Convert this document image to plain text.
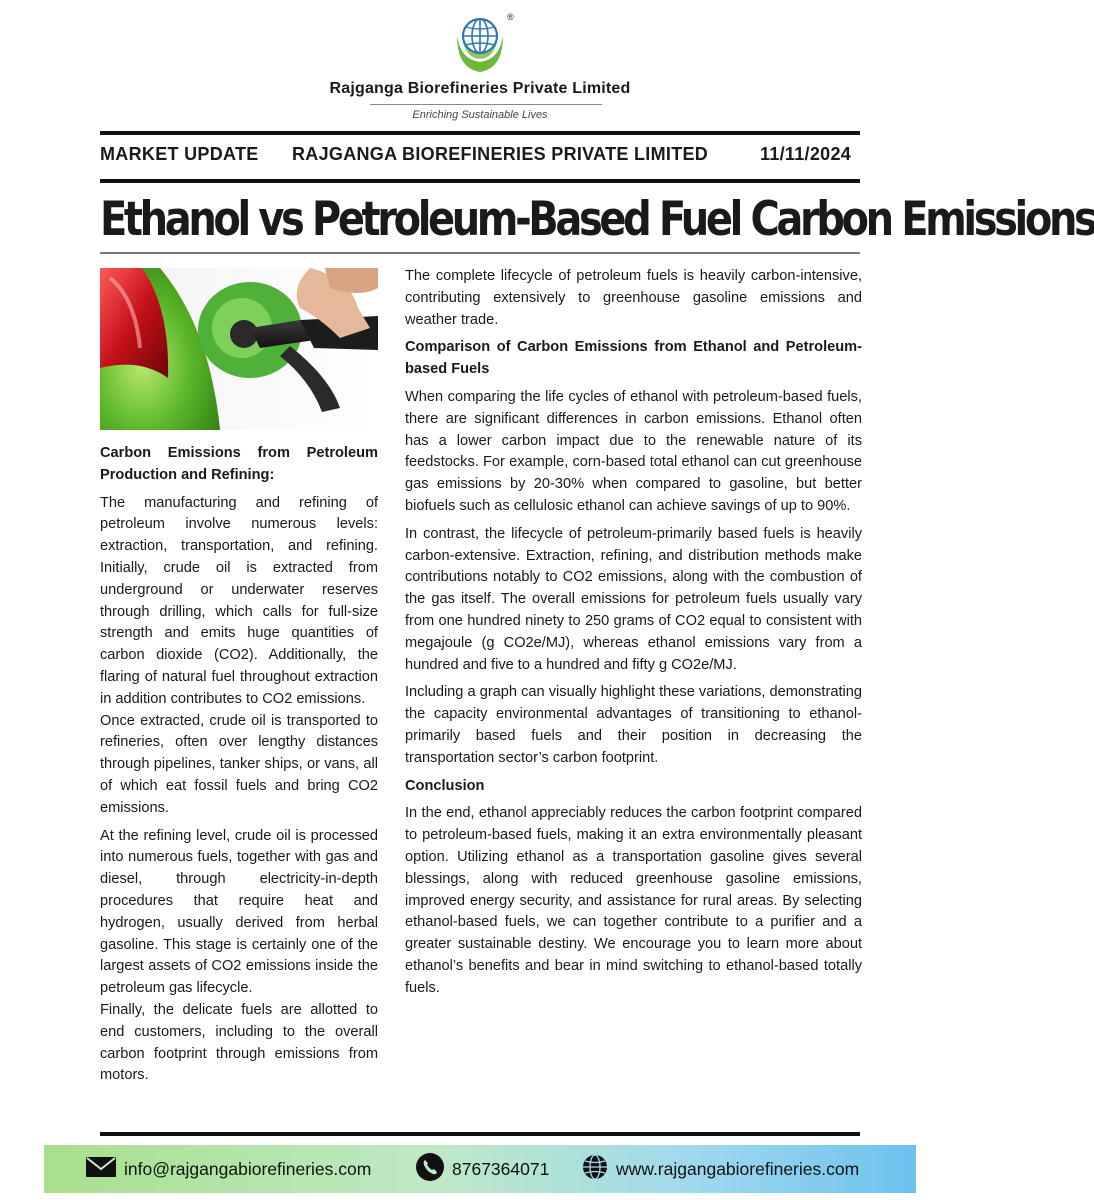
®
Rajganga Biorefineries Private Limited
Enriching Sustainable Lives
MARKET UPDATE RAJGANGA BIOREFINERIES PRIVATE LIMITED	11/11/2024
Ethanol vs Petroleum-Based Fuel Carbon Emissions
Carbon Emissions from Petroleum Production and Refining:

The manufacturing and refining of petroleum involve numerous levels: extraction, transportation, and refining. Initially, crude oil is extracted from underground or underwater reserves through drilling, which calls for full-size strength and emits huge quantities of carbon dioxide (CO2). Additionally, the flaring of natural fuel throughout extraction in addition contributes to CO2 emissions.

Once extracted, crude oil is transported to refineries, often over lengthy distances through pipelines, tanker ships, or vans, all of which eat fossil fuels and bring CO2 emissions.

At the refining level, crude oil is processed into numerous fuels, together with gas and diesel, through electricity-in-depth procedures that require heat and hydrogen, usually derived from herbal gasoline. This stage is certainly one of the largest assets of CO2 emissions inside the petroleum gas lifecycle.

Finally, the delicate fuels are allotted to end customers, including to the overall carbon footprint through emissions from motors.

The complete lifecycle of petroleum fuels is heavily carbon-intensive, contributing extensively to greenhouse gasoline emissions and weather trade.

Comparison of Carbon Emissions from Ethanol and Petroleum-based Fuels

When comparing the life cycles of ethanol with petroleum-based fuels, there are significant differences in carbon emissions. Ethanol often has a lower carbon impact due to the renewable nature of its feedstocks. For example, corn-based total ethanol can cut greenhouse gas emissions by 20-30% when compared to gasoline, but better biofuels such as cellulosic ethanol can achieve savings of up to 90%.

In contrast, the lifecycle of petroleum-primarily based fuels is heavily carbon-extensive. Extraction, refining, and distribution methods make contributions notably to CO2 emissions, along with the combustion of the gas itself. The overall emissions for petroleum fuels usually vary from one hundred ninety to 250 grams of CO2 equal to consistent with megajoule (g CO2e/MJ), whereas ethanol emissions vary from a hundred and five to a hundred and fifty g CO2e/MJ.

Including a graph can visually highlight these variations, demonstrating the capacity environmental advantages of transitioning to ethanol-primarily based fuels and their position in decreasing the transportation sector’s carbon footprint.

Conclusion

In the end, ethanol appreciably reduces the carbon footprint compared to petroleum-based fuels, making it an extra environmentally pleasant option. Utilizing ethanol as a transportation gasoline gives several blessings, along with reduced greenhouse gasoline emissions, improved energy security, and assistance for rural areas. By selecting ethanol-based fuels, we can together contribute to a purifier and a greater sustainable destiny. We encourage you to learn more about ethanol’s benefits and bear in mind switching to ethanol-based totally fuels.

info@rajgangabiorefineries.com	8767364071	www.rajgangabiorefineries.com
